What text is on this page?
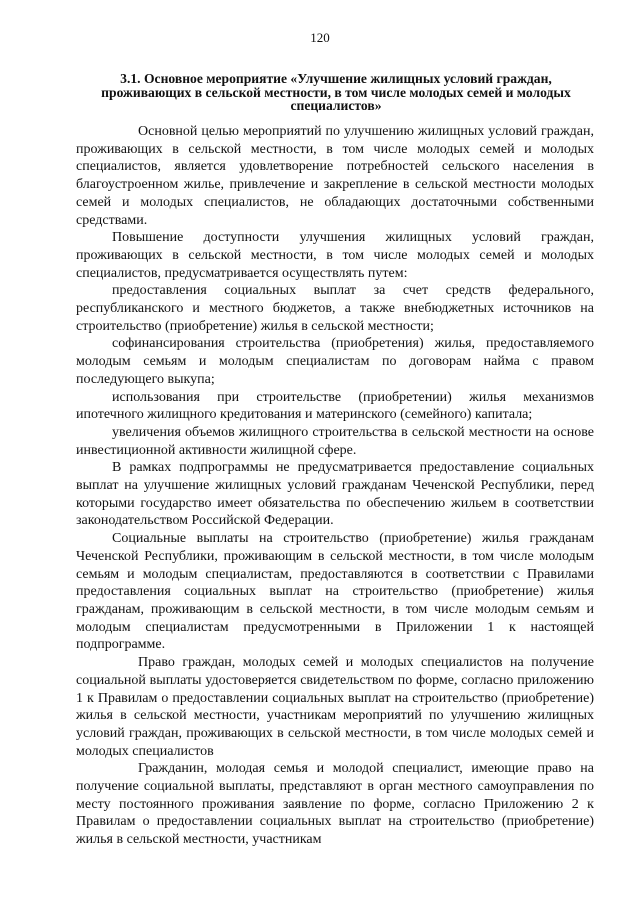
120
3.1. Основное мероприятие «Улучшение жилищных условий граждан, проживающих в сельской местности, в том числе молодых семей и молодых специалистов»

Основной целью мероприятий по улучшению жилищных условий граждан, проживающих в сельской местности, в том числе молодых семей и молодых специалистов, является удовлетворение потребностей сельского населения в благоустроенном жилье, привлечение и закрепление в сельской местности молодых семей и молодых специалистов, не обладающих достаточными собственными средствами.

Повышение доступности улучшения жилищных условий граждан, проживающих в сельской местности, в том числе молодых семей и молодых специалистов, предусматривается осуществлять путем:

предоставления социальных выплат за счет средств федерального, республиканского и местного бюджетов, а также внебюджетных источников на строительство (приобретение) жилья в сельской местности;

софинансирования строительства (приобретения) жилья, предоставляемого молодым семьям и молодым специалистам по договорам найма с правом последующего выкупа;

использования при строительстве (приобретении) жилья механизмов ипотечного жилищного кредитования и материнского (семейного) капитала;

увеличения объемов жилищного строительства в сельской местности на основе инвестиционной активности жилищной сфере.

В рамках подпрограммы не предусматривается предоставление социальных выплат на улучшение жилищных условий гражданам Чеченской Республики, перед которыми государство имеет обязательства по обеспечению жильем в соответствии законодательством Российской Федерации.

Социальные выплаты на строительство (приобретение) жилья гражданам Чеченской Республики, проживающим в сельской местности, в том числе молодым семьям и молодым специалистам, предоставляются в соответствии с Правилами предоставления социальных выплат на строительство (приобретение) жилья гражданам, проживающим в сельской местности, в том числе молодым семьям и молодым специалистам предусмотренными в Приложении 1 к настоящей подпрограмме.

Право граждан, молодых семей и молодых специалистов на получение социальной выплаты удостоверяется свидетельством по форме, согласно приложению 1 к Правилам о предоставлении социальных выплат на строительство (приобретение) жилья в сельской местности, участникам мероприятий по улучшению жилищных условий граждан, проживающих в сельской местности, в том числе молодых семей и молодых специалистов

Гражданин, молодая семья и молодой специалист, имеющие право на получение социальной выплаты, представляют в орган местного самоуправления по месту постоянного проживания заявление по форме, согласно Приложению 2 к Правилам о предоставлении социальных выплат на строительство (приобретение) жилья в сельской местности, участникам
